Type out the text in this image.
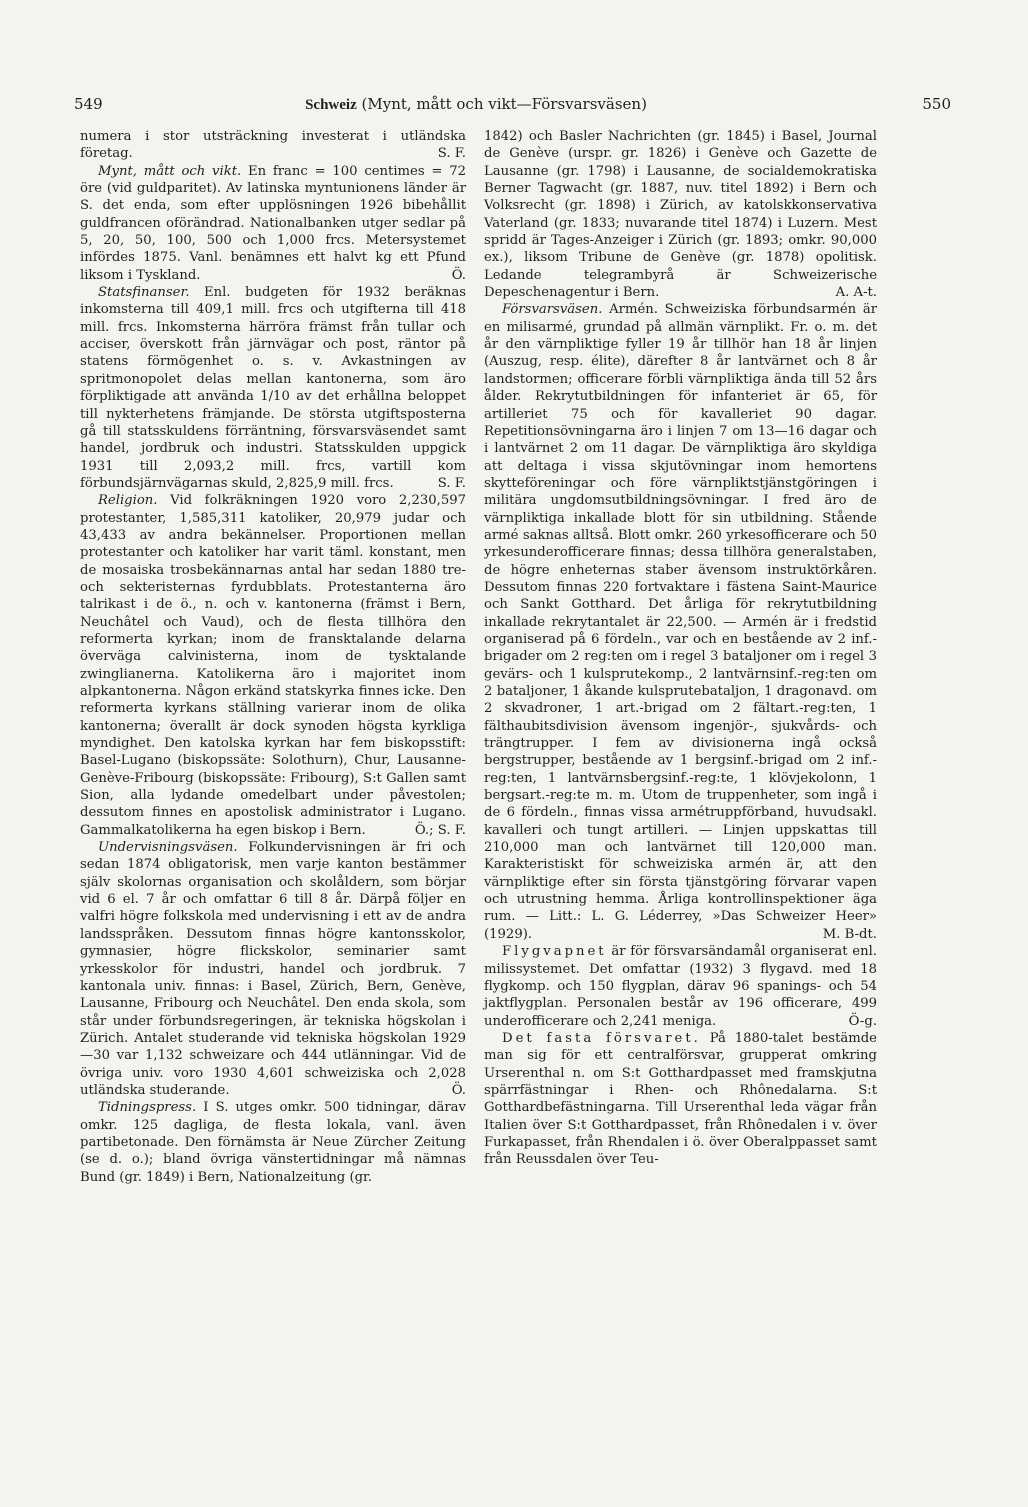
549	Schweiz (Mynt, mått och vikt—Försvarsväsen)	550

numera i stor utsträckning investerat i utländska företag.	S. F.

Mynt, mått och vikt. En franc = 100 centimes = 72 öre (vid guldparitet). Av latinska myntunionens länder är S. det enda, som efter upplösningen 1926 bibehållit guldfrancen oförändrad. Nationalbanken utger sedlar på 5, 20, 50, 100, 500 och 1,000 frcs. Metersystemet infördes 1875. Vanl. benämnes ett halvt kg ett Pfund liksom i Tyskland.	Ö.

Statsfinanser. Enl. budgeten för 1932 beräknas inkomsterna till 409,1 mill. frcs och utgifterna till 418 mill. frcs. Inkomsterna härröra främst från tullar och acciser, överskott från järnvägar och post, räntor på statens förmögenhet o. s. v. Avkastningen av spritmonopolet delas mellan kantonerna, som äro förpliktigade att använda 1/10 av det erhållna beloppet till nykterhetens främjande. De största utgiftsposterna gå till statsskuldens förräntning, försvarsväsendet samt handel, jordbruk och industri. Statsskulden uppgick 1931 till 2,093,2 mill. frcs, vartill kom förbundsjärnvägarnas skuld, 2,825,9 mill. frcs.	S. F.

Religion. Vid folkräkningen 1920 voro 2,230,597 protestanter, 1,585,311 katoliker, 20,979 judar och 43,433 av andra bekännelser. Proportionen mellan protestanter och katoliker har varit täml. konstant, men de mosaiska trosbekännarnas antal har sedan 1880 tre- och sekteristernas fyrdubblats. Protestanterna äro talrikast i de ö., n. och v. kantonerna (främst i Bern, Neuchâtel och Vaud), och de flesta tillhöra den reformerta kyrkan; inom de fransktalande delarna överväga calvinisterna, inom de tysktalande zwinglianerna. Katolikerna äro i majoritet inom alpkantonerna. Någon erkänd statskyrka finnes icke. Den reformerta kyrkans ställning varierar inom de olika kantonerna; överallt är dock synoden högsta kyrkliga myndighet. Den katolska kyrkan har fem biskopsstift: Basel-Lugano (biskopssäte: Solothurn), Chur, Lausanne-Genève-Fribourg (biskopssäte: Fribourg), S:t Gallen samt Sion, alla lydande omedelbart under påvestolen; dessutom finnes en apostolisk administrator i Lugano. Gammalkatolikerna ha egen biskop i Bern.	Ö.; S. F.

Undervisningsväsen. Folkundervisningen är fri och sedan 1874 obligatorisk, men varje kanton bestämmer själv skolornas organisation och skolåldern, som börjar vid 6 el. 7 år och omfattar 6 till 8 år. Därpå följer en valfri högre folkskola med undervisning i ett av de andra landsspråken. Dessutom finnas högre kantonsskolor, gymnasier, högre flickskolor, seminarier samt yrkesskolor för industri, handel och jordbruk. 7 kantonala univ. finnas: i Basel, Zürich, Bern, Genève, Lausanne, Fribourg och Neuchâtel. Den enda skola, som står under förbundsregeringen, är tekniska högskolan i Zürich. Antalet studerande vid tekniska högskolan 1929—30 var 1,132 schweizare och 444 utlänningar. Vid de övriga univ. voro 1930 4,601 schweiziska och 2,028 utländska studerande.	Ö.

Tidningspress. I S. utges omkr. 500 tidningar, därav omkr. 125 dagliga, de flesta lokala, vanl. även partibetonade. Den förnämsta är Neue Zürcher Zeitung (se d. o.); bland övriga vänstertidningar må nämnas Bund (gr. 1849) i Bern, Nationalzeitung (gr.

1842) och Basler Nachrichten (gr. 1845) i Basel, Journal de Genève (urspr. gr. 1826) i Genève och Gazette de Lausanne (gr. 1798) i Lausanne, de socialdemokratiska Berner Tagwacht (gr. 1887, nuv. titel 1892) i Bern och Volksrecht (gr. 1898) i Zürich, av katolskkonservativa Vaterland (gr. 1833; nuvarande titel 1874) i Luzern. Mest spridd är Tages-Anzeiger i Zürich (gr. 1893; omkr. 90,000 ex.), liksom Tribune de Genève (gr. 1878) opolitisk. Ledande telegrambyrå är Schweizerische Depeschenagentur i Bern.	A. A-t.

Försvarsväsen. Armén. Schweiziska förbundsarmén är en milisarmé, grundad på allmän värnplikt. Fr. o. m. det år den värnpliktige fyller 19 år tillhör han 18 år linjen (Auszug, resp. élite), därefter 8 år lantvärnet och 8 år landstormen; officerare förbli värnpliktiga ända till 52 års ålder. Rekrytutbildningen för infanteriet är 65, för artilleriet 75 och för kavalleriet 90 dagar. Repetitionsövningarna äro i linjen 7 om 13—16 dagar och i lantvärnet 2 om 11 dagar. De värnpliktiga äro skyldiga att deltaga i vissa skjutövningar inom hemortens skytteföreningar och före värnpliktstjänstgöringen i militära ungdomsutbildningsövningar. I fred äro de värnpliktiga inkallade blott för sin utbildning. Stående armé saknas alltså. Blott omkr. 260 yrkesofficerare och 50 yrkesunderofficerare finnas; dessa tillhöra generalstaben, de högre enheternas staber ävensom instruktörkåren. Dessutom finnas 220 fortvaktare i fästena Saint-Maurice och Sankt Gotthard. Det årliga för rekrytutbildning inkallade rekrytantalet är 22,500. — Armén är i fredstid organiserad på 6 fördeln., var och en bestående av 2 inf.-brigader om 2 reg:ten om i regel 3 bataljoner om i regel 3 gevärs- och 1 kulsprutekomp., 2 lantvärnsinf.-reg:ten om 2 bataljoner, 1 åkande kulsprutebataljon, 1 dragonavd. om 2 skvadroner, 1 art.-brigad om 2 fältart.-reg:ten, 1 fälthaubitsdivision ävensom ingenjör-, sjukvårds- och trängtrupper. I fem av divisionerna ingå också bergstrupper, bestående av 1 bergsinf.-brigad om 2 inf.-reg:ten, 1 lantvärnsbergsinf.-reg:te, 1 klövjekolonn, 1 bergsart.-reg:te m. m. Utom de truppenheter, som ingå i de 6 fördeln., finnas vissa armétruppförband, huvudsakl. kavalleri och tungt artilleri. — Linjen uppskattas till 210,000 man och lantvärnet till 120,000 man. Karakteristiskt för schweiziska armén är, att den värnpliktige efter sin första tjänstgöring förvarar vapen och utrustning hemma. Årliga kontrollinspektioner äga rum. — Litt.: L. G. Léderrey, »Das Schweizer Heer» (1929).	M. B-dt.

Flygvapnet är för försvarsändamål organiserat enl. milissystemet. Det omfattar (1932) 3 flygavd. med 18 flygkomp. och 150 flygplan, därav 96 spanings- och 54 jaktflygplan. Personalen består av 196 officerare, 499 underofficerare och 2,241 meniga.	Ö-g.

Det fasta försvaret. På 1880-talet bestämde man sig för ett centralförsvar, grupperat omkring Urserenthal n. om S:t Gotthardpasset med framskjutna spärrfästningar i Rhen- och Rhônedalarna. S:t Gotthardbefästningarna. Till Urserenthal leda vägar från Italien över S:t Gotthardpasset, från Rhônedalen i v. över Furkapasset, från Rhendalen i ö. över Oberalppasset samt från Reussdalen över Teu-
